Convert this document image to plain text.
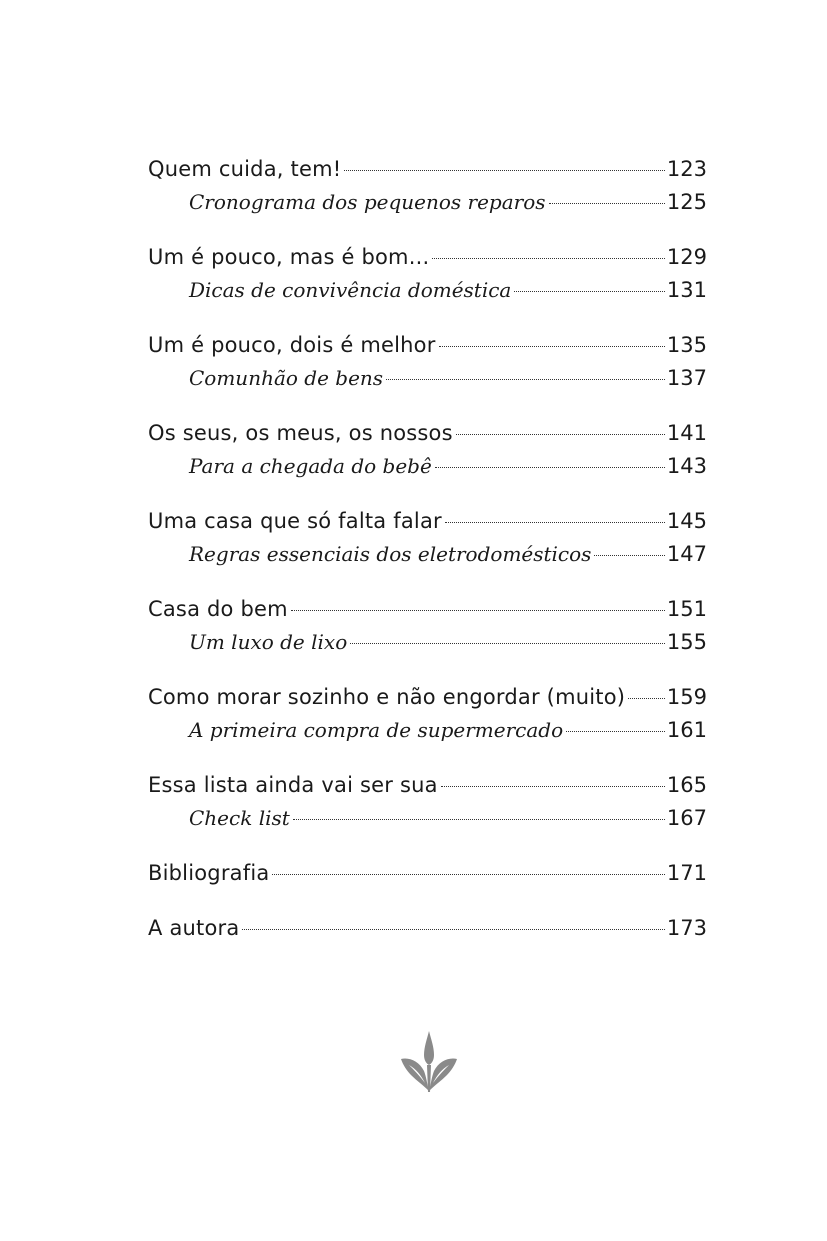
Quem cuida, tem!	123
Cronograma dos pequenos reparos	125
Um é pouco, mas é bom...	129
Dicas de convivência doméstica	131
Um é pouco, dois é melhor	135
Comunhão de bens	137
Os seus, os meus, os nossos	141
Para a chegada do bebê	143
Uma casa que só falta falar	145
Regras essenciais dos eletrodomésticos	147
Casa do bem	151
Um luxo de lixo	155
Como morar sozinho e não engordar (muito) 159
A primeira compra de supermercado	161
Essa lista ainda vai ser sua	165
Check list	167
Bibliografia	171
A autora	173
